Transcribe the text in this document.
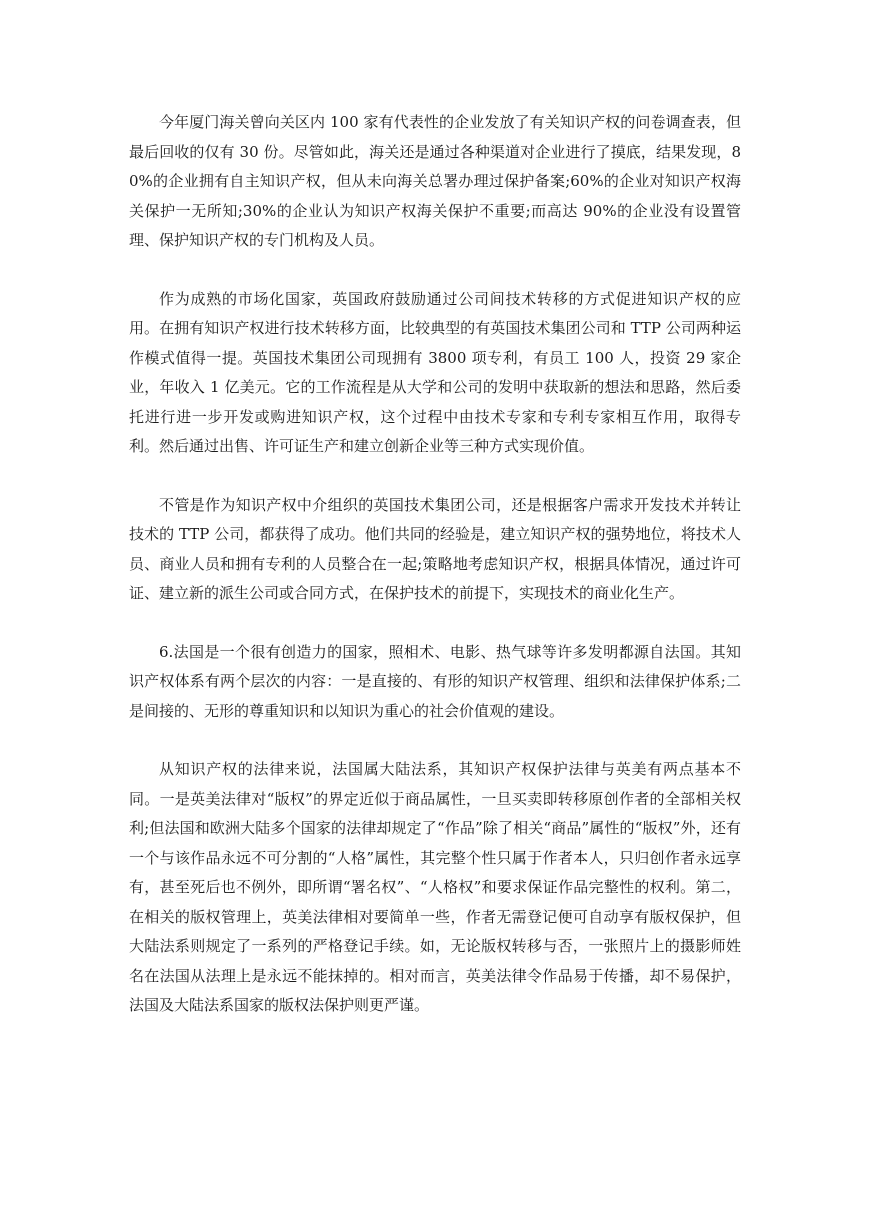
今年厦门海关曾向关区内 100 家有代表性的企业发放了有关知识产权的问卷调查表，但最后回收的仅有 30 份。尽管如此，海关还是通过各种渠道对企业进行了摸底，结果发现，80%的企业拥有自主知识产权，但从未向海关总署办理过保护备案;60%的企业对知识产权海关保护一无所知;30%的企业认为知识产权海关保护不重要;而高达 90%的企业没有设置管理、保护知识产权的专门机构及人员。

作为成熟的市场化国家，英国政府鼓励通过公司间技术转移的方式促进知识产权的应用。在拥有知识产权进行技术转移方面，比较典型的有英国技术集团公司和 TTP 公司两种运作模式值得一提。英国技术集团公司现拥有 3800 项专利，有员工 100 人，投资 29 家企业，年收入 1 亿美元。它的工作流程是从大学和公司的发明中获取新的想法和思路，然后委托进行进一步开发或购进知识产权，这个过程中由技术专家和专利专家相互作用，取得专利。然后通过出售、许可证生产和建立创新企业等三种方式实现价值。

不管是作为知识产权中介组织的英国技术集团公司，还是根据客户需求开发技术并转让技术的 TTP 公司，都获得了成功。他们共同的经验是，建立知识产权的强势地位，将技术人员、商业人员和拥有专利的人员整合在一起;策略地考虑知识产权，根据具体情况，通过许可证、建立新的派生公司或合同方式，在保护技术的前提下，实现技术的商业化生产。

6.法国是一个很有创造力的国家，照相术、电影、热气球等许多发明都源自法国。其知识产权体系有两个层次的内容：一是直接的、有形的知识产权管理、组织和法律保护体系;二是间接的、无形的尊重知识和以知识为重心的社会价值观的建设。

从知识产权的法律来说，法国属大陆法系，其知识产权保护法律与英美有两点基本不同。一是英美法律对“版权”的界定近似于商品属性，一旦买卖即转移原创作者的全部相关权利;但法国和欧洲大陆多个国家的法律却规定了“作品”除了相关“商品”属性的“版权”外，还有一个与该作品永远不可分割的“人格”属性，其完整个性只属于作者本人，只归创作者永远享有，甚至死后也不例外，即所谓“署名权”、“人格权”和要求保证作品完整性的权利。第二，在相关的版权管理上，英美法律相对要简单一些，作者无需登记便可自动享有版权保护，但大陆法系则规定了一系列的严格登记手续。如，无论版权转移与否，一张照片上的摄影师姓名在法国从法理上是永远不能抹掉的。相对而言，英美法律令作品易于传播，却不易保护，法国及大陆法系国家的版权法保护则更严谨。
